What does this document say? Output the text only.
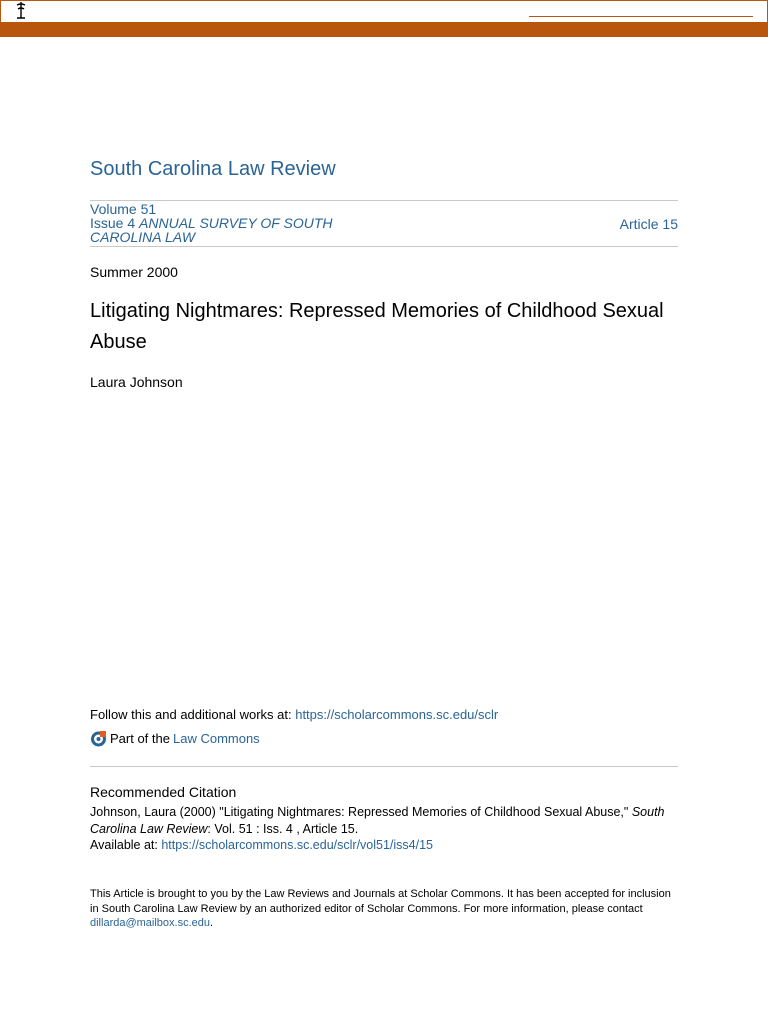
South Carolina Law Review
Volume 51
Issue 4 ANNUAL SURVEY OF SOUTH CAROLINA LAW
Article 15
Summer 2000
Litigating Nightmares: Repressed Memories of Childhood Sexual Abuse
Laura Johnson
Follow this and additional works at: https://scholarcommons.sc.edu/sclr
Part of the Law Commons
Recommended Citation
Johnson, Laura (2000) "Litigating Nightmares: Repressed Memories of Childhood Sexual Abuse," South Carolina Law Review: Vol. 51 : Iss. 4 , Article 15.
Available at: https://scholarcommons.sc.edu/sclr/vol51/iss4/15
This Article is brought to you by the Law Reviews and Journals at Scholar Commons. It has been accepted for inclusion in South Carolina Law Review by an authorized editor of Scholar Commons. For more information, please contact dillarda@mailbox.sc.edu.
